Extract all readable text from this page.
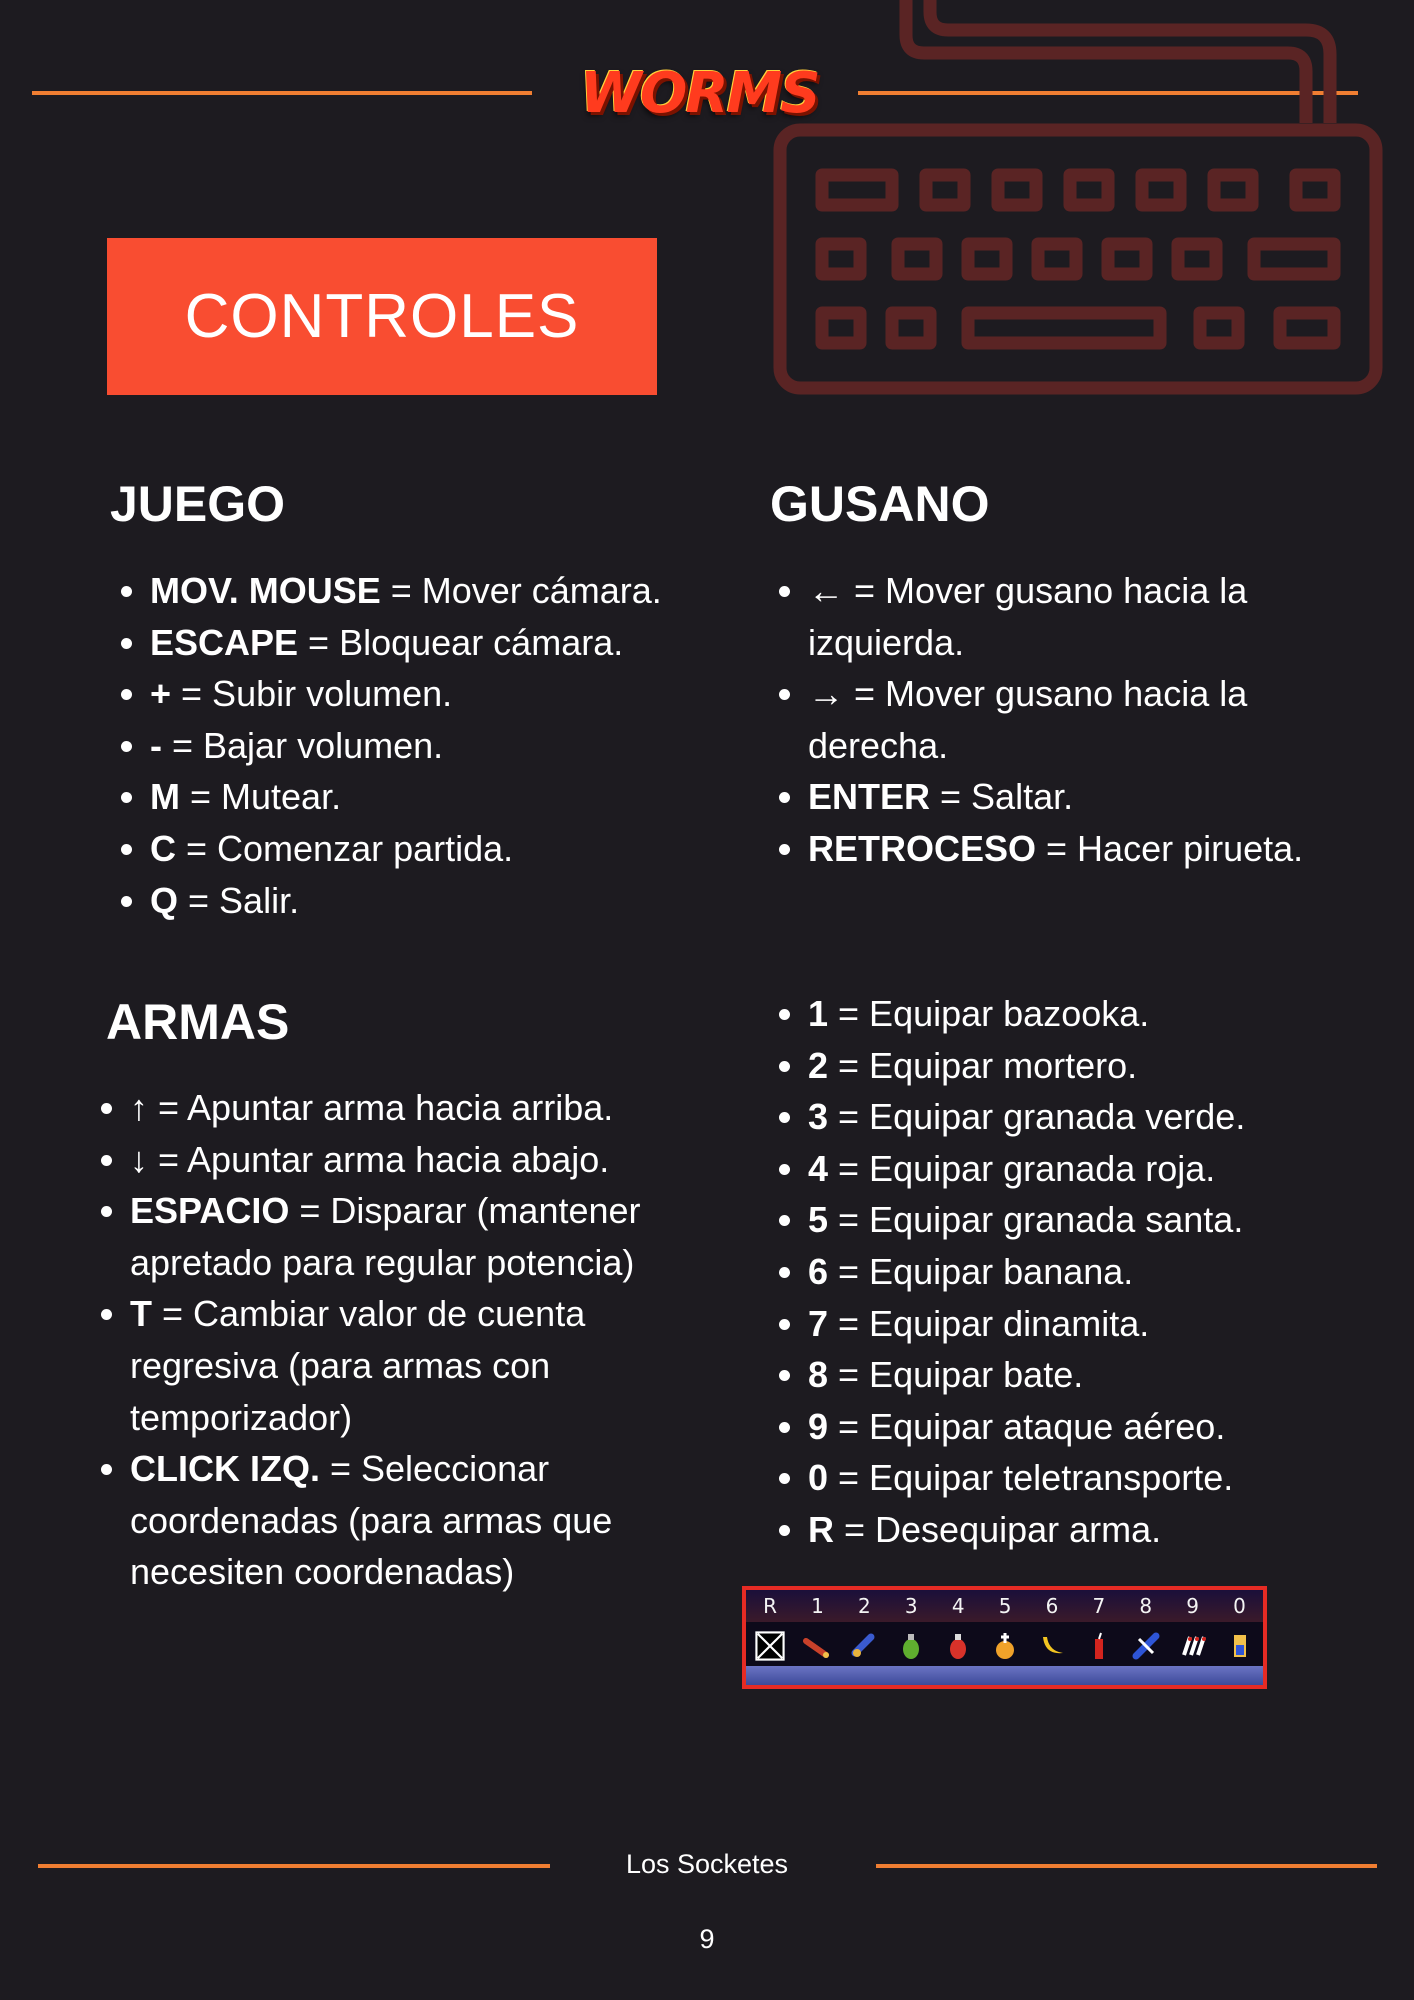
WORMS
CONTROLES
JUEGO
• MOV. MOUSE = Mover cámara.
• ESCAPE = Bloquear cámara.
• + = Subir volumen.
• - = Bajar volumen.
• M = Mutear.
• C = Comenzar partida.
• Q = Salir.
GUSANO
• ← = Mover gusano hacia la izquierda.
• → = Mover gusano hacia la derecha.
• ENTER = Saltar.
• RETROCESO = Hacer pirueta.
ARMAS
• ↑ = Apuntar arma hacia arriba.
• ↓ = Apuntar arma hacia abajo.
• ESPACIO = Disparar (mantener apretado para regular potencia)
• T = Cambiar valor de cuenta regresiva (para armas con temporizador)
• CLICK IZQ. = Seleccionar coordenadas (para armas que necesiten coordenadas)
• 1 = Equipar bazooka.
• 2 = Equipar mortero.
• 3 = Equipar granada verde.
• 4 = Equipar granada roja.
• 5 = Equipar granada santa.
• 6 = Equipar banana.
• 7 = Equipar dinamita.
• 8 = Equipar bate.
• 9 = Equipar ataque aéreo.
• 0 = Equipar teletransporte.
• R = Desequipar arma.
R 1 2 3 4 5 6 7 8 9 0
Los Socketes
9
